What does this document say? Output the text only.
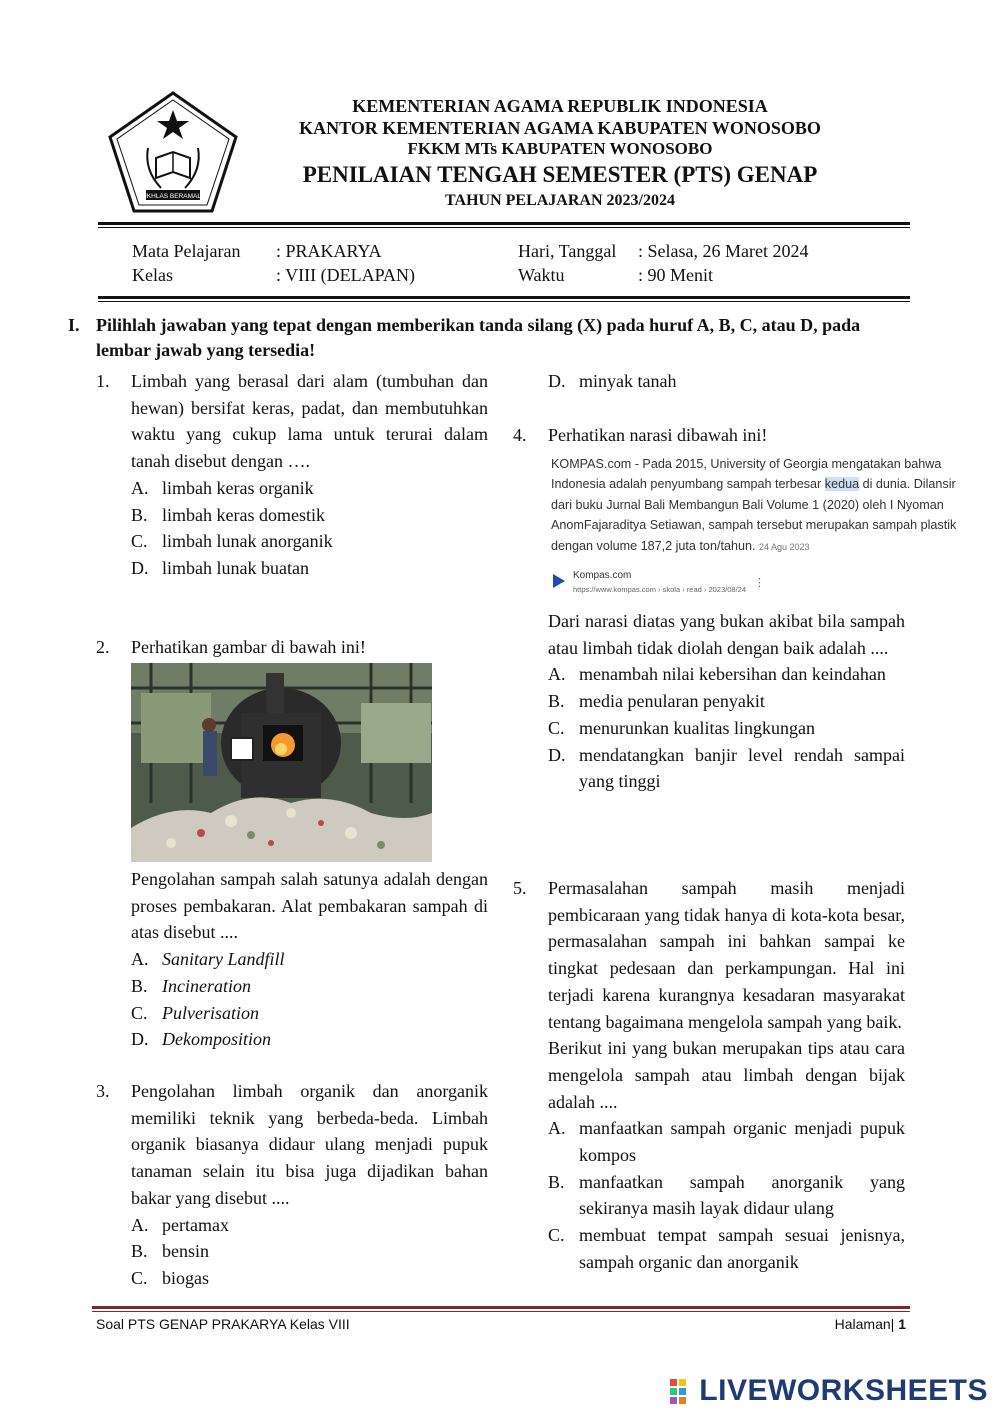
IKHLAS BERAMAL
KEMENTERIAN AGAMA REPUBLIK INDONESIA
KANTOR KEMENTERIAN AGAMA KABUPATEN WONOSOBO
FKKM MTs KABUPATEN WONOSOBO
PENILAIAN TENGAH SEMESTER (PTS) GENAP
TAHUN PELAJARAN 2023/2024
Mata Pelajaran : PRAKARYA	Hari, Tanggal : Selasa, 26 Maret 2024
Kelas	: VIII (DELAPAN)	Waktu	: 90 Menit
I. Pilihlah jawaban yang tepat dengan memberikan tanda silang (X) pada huruf A, B, C, atau D, pada lembar jawab yang tersedia!
1. Limbah yang berasal dari alam (tumbuhan dan hewan) bersifat keras, padat, dan membutuhkan waktu yang cukup lama untuk terurai dalam tanah disebut dengan ….
A. limbah keras organik
B. limbah keras domestik
C. limbah lunak anorganik
D. limbah lunak buatan
2. Perhatikan gambar di bawah ini!
Pengolahan sampah salah satunya adalah dengan proses pembakaran. Alat pembakaran sampah di atas disebut ....
A. Sanitary Landfill
B. Incineration
C. Pulverisation
D. Dekomposition
3. Pengolahan limbah organik dan anorganik memiliki teknik yang berbeda-beda. Limbah organik biasanya didaur ulang menjadi pupuk tanaman selain itu bisa juga dijadikan bahan bakar yang disebut ....
A. pertamax
B. bensin
C. biogas
D. minyak tanah
4. Perhatikan narasi dibawah ini!
KOMPAS.com - Pada 2015, University of Georgia mengatakan bahwa Indonesia adalah penyumbang sampah terbesar kedua di dunia. Dilansir dari buku Jurnal Bali Membangun Bali Volume 1 (2020) oleh I Nyoman AnomFajaraditya Setiawan, sampah tersebut merupakan sampah plastik dengan volume 187,2 juta ton/tahun. 24 Agu 2023
Kompas.com
https://www.kompas.com › skola › read › 2023/08/24
⋮
Dari narasi diatas yang bukan akibat bila sampah atau limbah tidak diolah dengan baik adalah ....
A. menambah nilai kebersihan dan keindahan
B. media penularan penyakit
C. menurunkan kualitas lingkungan
D. mendatangkan banjir level rendah sampai yang tinggi
5. Permasalahan sampah masih menjadi pembicaraan yang tidak hanya di kota-kota besar, permasalahan sampah ini bahkan sampai ke tingkat pedesaan dan perkampungan. Hal ini terjadi karena kurangnya kesadaran masyarakat tentang bagaimana mengelola sampah yang baik.
Berikut ini yang bukan merupakan tips atau cara mengelola sampah atau limbah dengan bijak adalah ....
A. manfaatkan sampah organic menjadi pupuk kompos
B. manfaatkan sampah anorganik yang sekiranya masih layak didaur ulang
C. membuat tempat sampah sesuai jenisnya, sampah organic dan anorganik
Soal PTS GENAP PRAKARYA Kelas VIII	Halaman| 1
LIVEWORKSHEETS
